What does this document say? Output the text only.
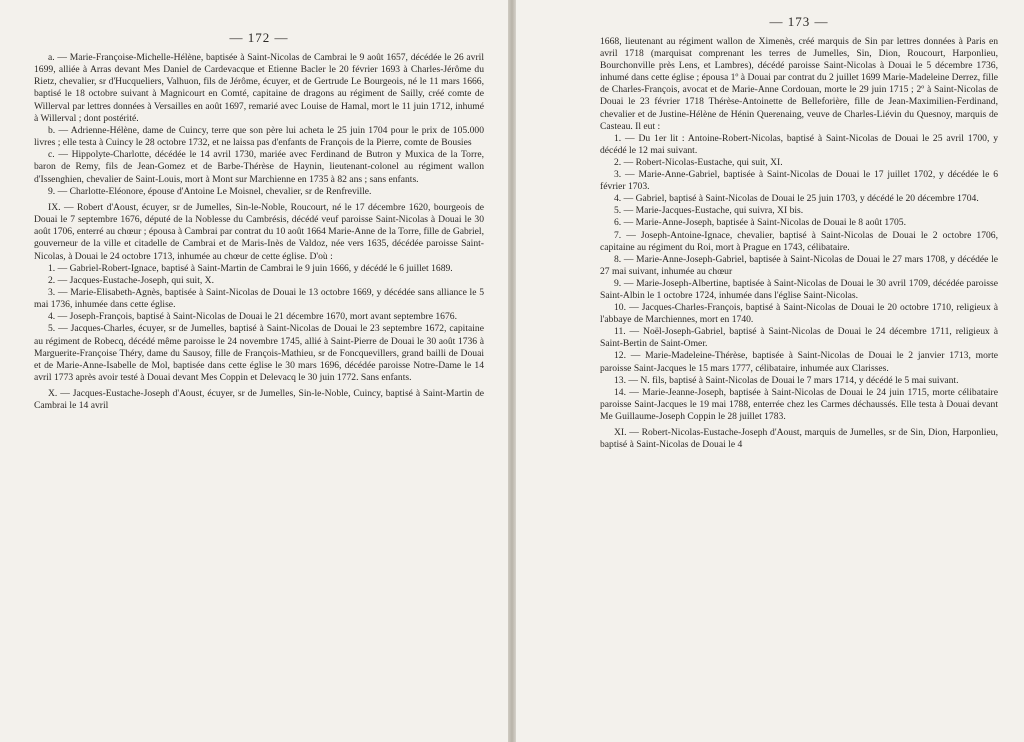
— 172 —

a. — Marie-Françoise-Michelle-Hélène, baptisée à Saint-Nicolas de Cambrai le 9 août 1657, décédée le 26 avril 1699, alliée à Arras devant Mes Daniel de Cardevacque et Etienne Bacler le 20 février 1693 à Charles-Jérôme du Rietz, chevalier, sr d'Hucqueliers, Valhuon, fils de Jérôme, écuyer, et de Gertrude Le Bourgeois, né le 11 mars 1666, baptisé le 18 octobre suivant à Magnicourt en Comté, capitaine de dragons au régiment de Sailly, créé comte de Willerval par lettres données à Versailles en août 1697, remarié avec Louise de Hamal, mort le 11 juin 1712, inhumé à Willerval ; dont postérité.

b. — Adrienne-Hélène, dame de Cuincy, terre que son père lui acheta le 25 juin 1704 pour le prix de 105.000 livres ; elle testa à Cuincy le 28 octobre 1732, et ne laissa pas d'enfants de François de la Pierre, comte de Bousies

c. — Hippolyte-Charlotte, décédée le 14 avril 1730, mariée avec Ferdinand de Butron y Muxica de la Torre, baron de Remy, fils de Jean-Gomez et de Barbe-Thérèse de Haynin, lieutenant-colonel au régiment wallon d'Issenghien, chevalier de Saint-Louis, mort à Mont sur Marchienne en 1735 à 82 ans ; sans enfants.

9. — Charlotte-Eléonore, épouse d'Antoine Le Moisnel, chevalier, sr de Renfreville.

IX. — Robert d'Aoust, écuyer, sr de Jumelles, Sin-le-Noble, Roucourt, né le 17 décembre 1620, bourgeois de Douai le 7 septembre 1676, député de la Noblesse du Cambrésis, décédé veuf paroisse Saint-Nicolas à Douai le 30 août 1706, enterré au chœur ; épousa à Cambrai par contrat du 10 août 1664 Marie-Anne de la Torre, fille de Gabriel, gouverneur de la ville et citadelle de Cambrai et de Maris-Inès de Valdoz, née vers 1635, décédée paroisse Saint-Nicolas, à Douai le 24 octobre 1713, inhumée au chœur de cette église. D'où :

1. — Gabriel-Robert-Ignace, baptisé à Saint-Martin de Cambrai le 9 juin 1666, y décédé le 6 juillet 1689.

2. — Jacques-Eustache-Joseph, qui suit, X.

3. — Marie-Elisabeth-Agnès, baptisée à Saint-Nicolas de Douai le 13 octobre 1669, y décédée sans alliance le 5 mai 1736, inhumée dans cette église.

4. — Joseph-François, baptisé à Saint-Nicolas de Douai le 21 décembre 1670, mort avant septembre 1676.

5. — Jacques-Charles, écuyer, sr de Jumelles, baptisé à Saint-Nicolas de Douai le 23 septembre 1672, capitaine au régiment de Robecq, décédé même paroisse le 24 novembre 1745, allié à Saint-Pierre de Douai le 30 août 1736 à Marguerite-Françoise Théry, dame du Sausoy, fille de François-Mathieu, sr de Foncquevillers, grand bailli de Douai et de Marie-Anne-Isabelle de Mol, baptisée dans cette église le 30 mars 1696, décédée paroisse Notre-Dame le 14 avril 1773 après avoir testé à Douai devant Mes Coppin et Delevacq le 30 juin 1772. Sans enfants.

X. — Jacques-Eustache-Joseph d'Aoust, écuyer, sr de Jumelles, Sin-le-Noble, Cuincy, baptisé à Saint-Martin de Cambrai le 14 avril

— 173 —

1668, lieutenant au régiment wallon de Ximenès, créé marquis de Sin par lettres données à Paris en avril 1718 (marquisat comprenant les terres de Jumelles, Sin, Dion, Roucourt, Harponlieu, Bourchonville près Lens, et Lambres), décédé paroisse Saint-Nicolas à Douai le 5 décembre 1736, inhumé dans cette église ; épousa 1º à Douai par contrat du 2 juillet 1699 Marie-Madeleine Derrez, fille de Charles-François, avocat et de Marie-Anne Cordouan, morte le 29 juin 1715 ; 2º à Saint-Nicolas de Douai le 23 février 1718 Thérèse-Antoinette de Belleforière, fille de Jean-Maximilien-Ferdinand, chevalier et de Justine-Hélène de Hénin Querenaing, veuve de Charles-Liévin du Quesnoy, marquis de Casteau. Il eut :

1. — Du 1er lit : Antoine-Robert-Nicolas, baptisé à Saint-Nicolas de Douai le 25 avril 1700, y décédé le 12 mai suivant.

2. — Robert-Nicolas-Eustache, qui suit, XI.

3. — Marie-Anne-Gabriel, baptisée à Saint-Nicolas de Douai le 17 juillet 1702, y décédée le 6 février 1703.

4. — Gabriel, baptisé à Saint-Nicolas de Douai le 25 juin 1703, y décédé le 20 décembre 1704.

5. — Marie-Jacques-Eustache, qui suivra, XI bis.

6. — Marie-Anne-Joseph, baptisée à Saint-Nicolas de Douai le 8 août 1705.

7. — Joseph-Antoine-Ignace, chevalier, baptisé à Saint-Nicolas de Douai le 2 octobre 1706, capitaine au régiment du Roi, mort à Prague en 1743, célibataire.

8. — Marie-Anne-Joseph-Gabriel, baptisée à Saint-Nicolas de Douai le 27 mars 1708, y décédée le 27 mai suivant, inhumée au chœur

9. — Marie-Joseph-Albertine, baptisée à Saint-Nicolas de Douai le 30 avril 1709, décédée paroisse Saint-Albin le 1 octobre 1724, inhumée dans l'église Saint-Nicolas.

10. — Jacques-Charles-François, baptisé à Saint-Nicolas de Douai le 20 octobre 1710, religieux à l'abbaye de Marchiennes, mort en 1740.

11. — Noël-Joseph-Gabriel, baptisé à Saint-Nicolas de Douai le 24 décembre 1711, religieux à Saint-Bertin de Saint-Omer.

12. — Marie-Madeleine-Thérèse, baptisée à Saint-Nicolas de Douai le 2 janvier 1713, morte paroisse Saint-Jacques le 15 mars 1777, célibataire, inhumée aux Clarisses.

13. — N. fils, baptisé à Saint-Nicolas de Douai le 7 mars 1714, y décédé le 5 mai suivant.

14. — Marie-Jeanne-Joseph, baptisée à Saint-Nicolas de Douai le 24 juin 1715, morte célibataire paroisse Saint-Jacques le 19 mai 1788, enterrée chez les Carmes déchaussés. Elle testa à Douai devant Me Guillaume-Joseph Coppin le 28 juillet 1783.

XI. — Robert-Nicolas-Eustache-Joseph d'Aoust, marquis de Jumelles, sr de Sin, Dion, Harponlieu, baptisé à Saint-Nicolas de Douai le 4
